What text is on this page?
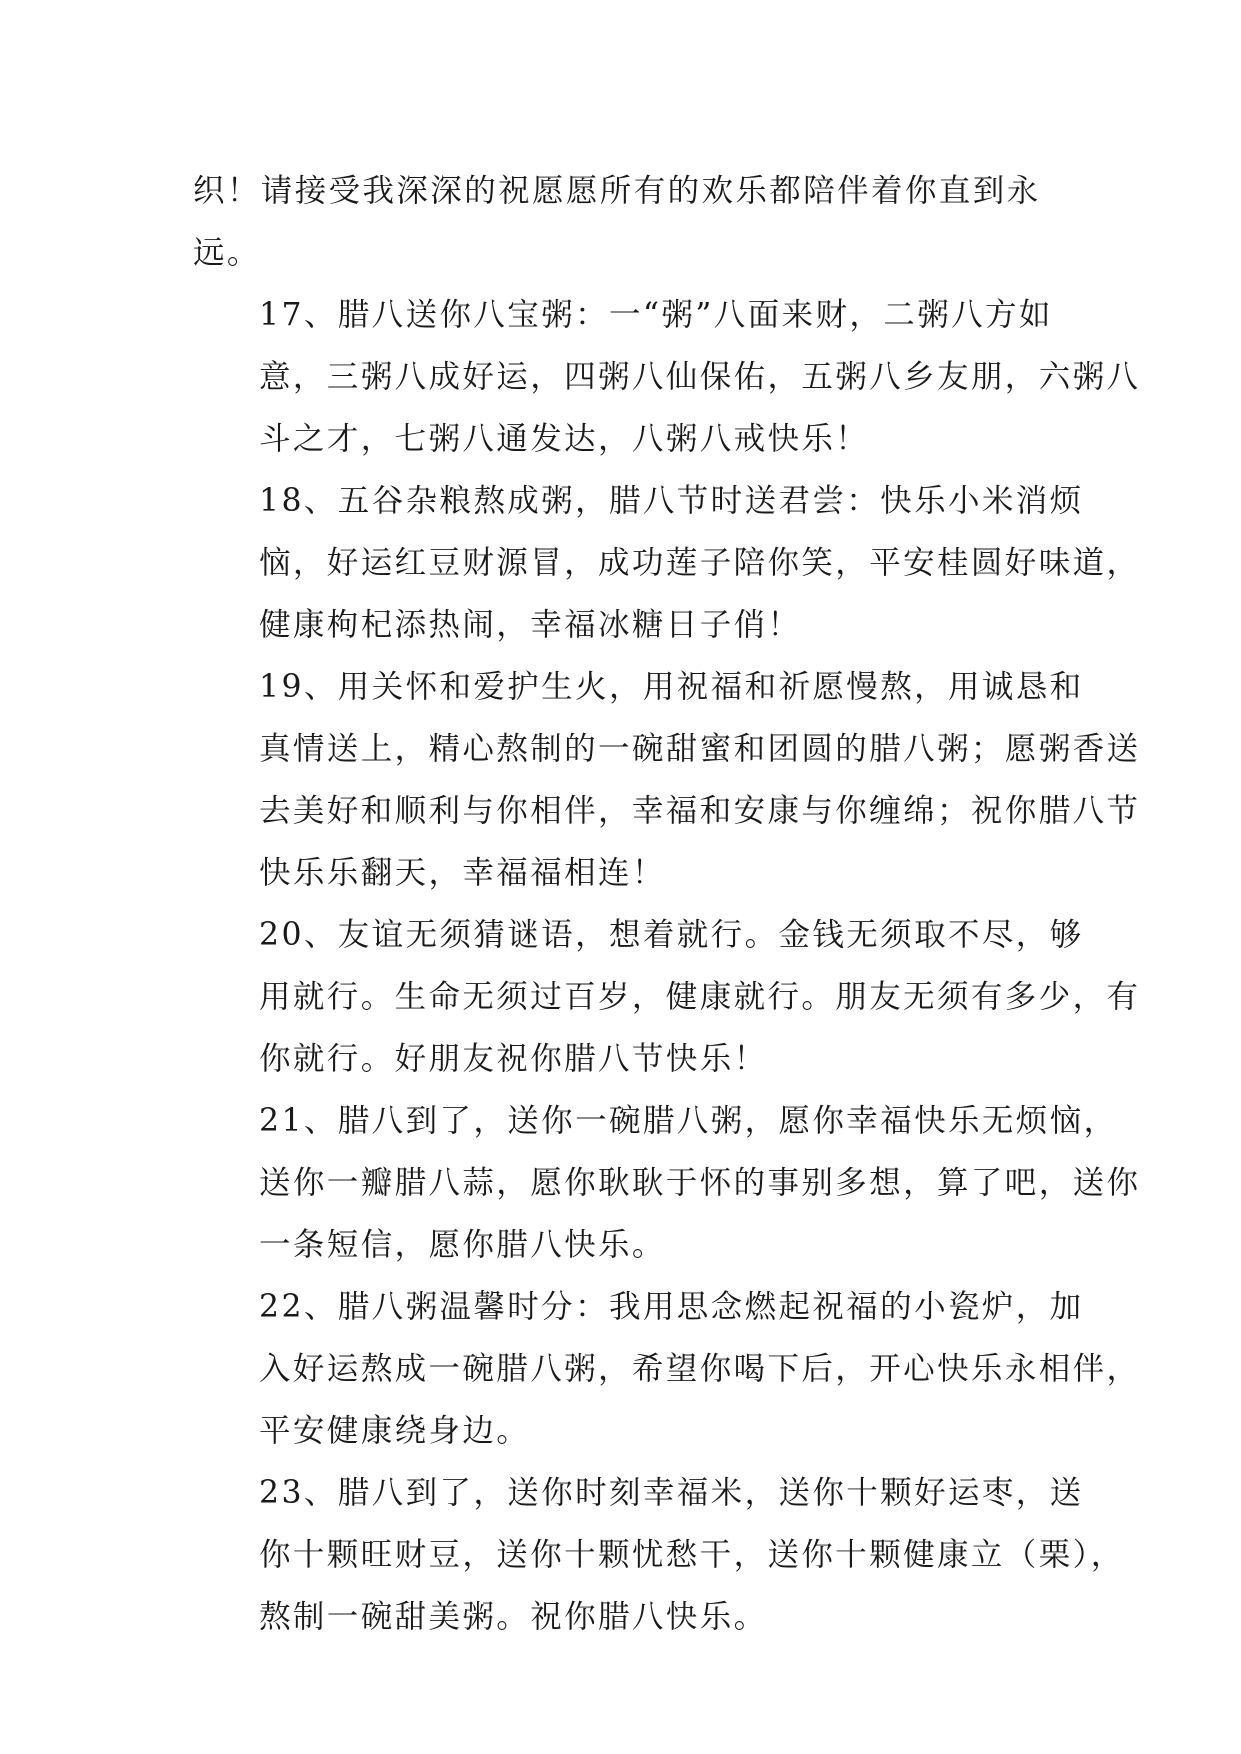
织！请接受我深深的祝愿愿所有的欢乐都陪伴着你直到永
远。

17、腊八送你八宝粥：一“粥”八面来财，二粥八方如
意，三粥八成好运，四粥八仙保佑，五粥八乡友朋，六粥八
斗之才，七粥八通发达，八粥八戒快乐！

18、五谷杂粮熬成粥，腊八节时送君尝：快乐小米消烦
恼，好运红豆财源冒，成功莲子陪你笑，平安桂圆好味道，
健康枸杞添热闹，幸福冰糖日子俏！

19、用关怀和爱护生火，用祝福和祈愿慢熬，用诚恳和
真情送上，精心熬制的一碗甜蜜和团圆的腊八粥；愿粥香送
去美好和顺利与你相伴，幸福和安康与你缠绵；祝你腊八节
快乐乐翻天，幸福福相连！

20、友谊无须猜谜语，想着就行。金钱无须取不尽，够
用就行。生命无须过百岁，健康就行。朋友无须有多少，有
你就行。好朋友祝你腊八节快乐！

21、腊八到了，送你一碗腊八粥，愿你幸福快乐无烦恼，
送你一瓣腊八蒜，愿你耿耿于怀的事别多想，算了吧，送你
一条短信，愿你腊八快乐。

22、腊八粥温馨时分：我用思念燃起祝福的小瓷炉，加
入好运熬成一碗腊八粥，希望你喝下后，开心快乐永相伴，
平安健康绕身边。

23、腊八到了，送你时刻幸福米，送你十颗好运枣，送
你十颗旺财豆，送你十颗忧愁干，送你十颗健康立（栗），
熬制一碗甜美粥。祝你腊八快乐。
